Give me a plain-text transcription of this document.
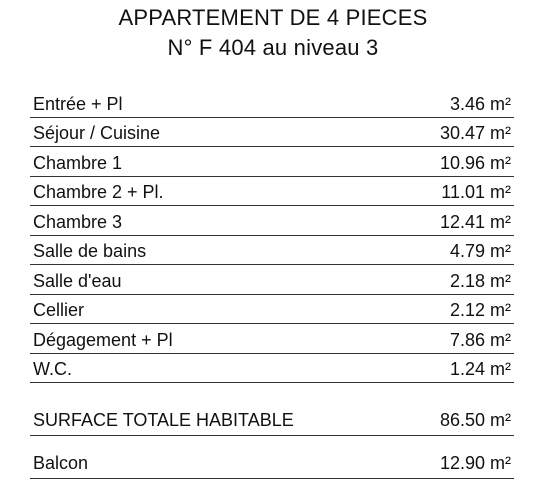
APPARTEMENT DE 4 PIECES
N° F 404 au niveau 3
Entrée + Pl	3.46 m²
Séjour / Cuisine	30.47 m²
Chambre 1	10.96 m²
Chambre 2 + Pl.	11.01 m²
Chambre 3	12.41 m²
Salle de bains	4.79 m²
Salle d'eau	2.18 m²
Cellier	2.12 m²
Dégagement + Pl	7.86 m²
W.C.	1.24 m²
SURFACE TOTALE HABITABLE	86.50 m²
Balcon	12.90 m²
